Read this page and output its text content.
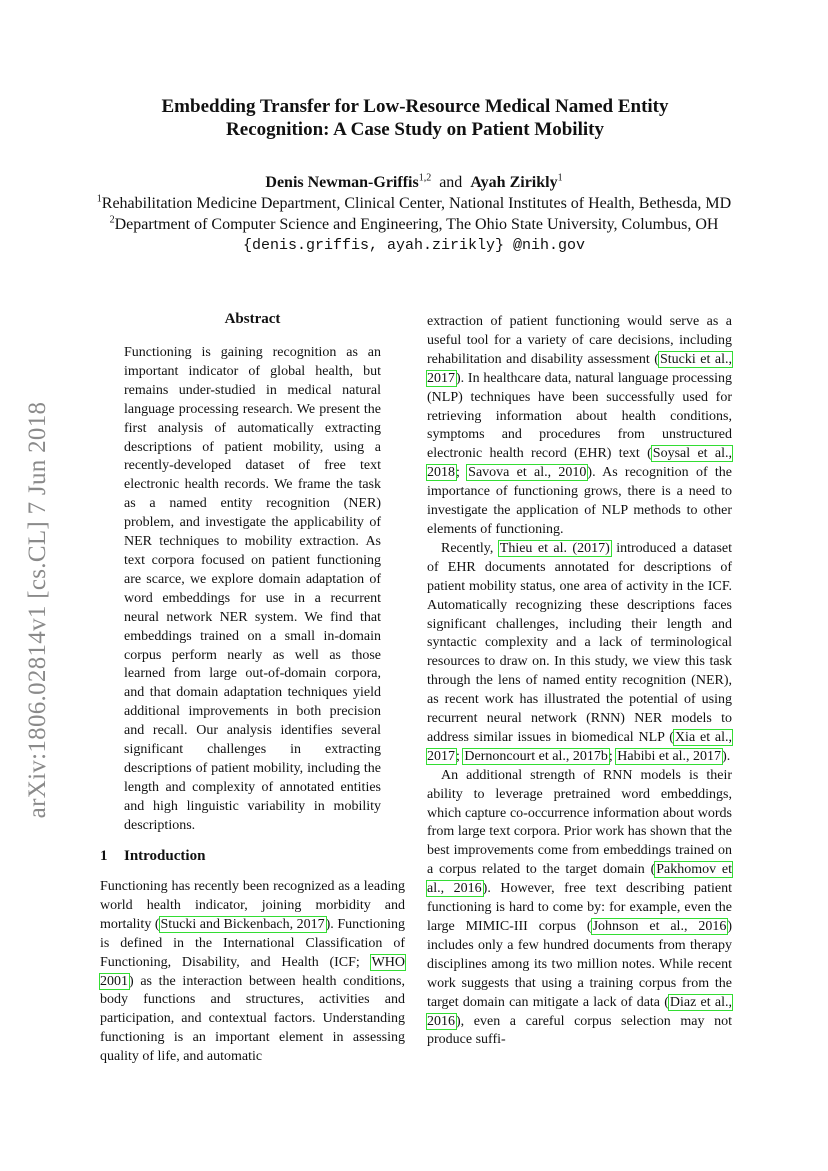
arXiv:1806.02814v1 [cs.CL] 7 Jun 2018
Embedding Transfer for Low-Resource Medical Named Entity
Recognition: A Case Study on Patient Mobility
Denis Newman-Griffis$^{1,2}$ and Ayah Zirikly$^1$
$^1$Rehabilitation Medicine Department, Clinical Center, National Institutes of Health, Bethesda, MD
$^2$Department of Computer Science and Engineering, The Ohio State University, Columbus, OH
{denis.griffis, ayah.zirikly} @nih.gov
Abstract
Functioning is gaining recognition as an important indicator of global health, but remains under-studied in medical natural language processing research. We present the first analysis of automatically extracting descriptions of patient mobility, using a recently-developed dataset of free text electronic health records. We frame the task as a named entity recognition (NER) problem, and investigate the applicability of NER techniques to mobility extraction. As text corpora focused on patient functioning are scarce, we explore domain adaptation of word embeddings for use in a recurrent neural network NER system. We find that embeddings trained on a small in-domain corpus perform nearly as well as those learned from large out-of-domain corpora, and that domain adaptation techniques yield additional improvements in both precision and recall. Our analysis identifies several significant challenges in extracting descriptions of patient mobility, including the length and complexity of annotated entities and high linguistic variability in mobility descriptions.
1 Introduction

Functioning has recently been recognized as a leading world health indicator, joining morbidity and mortality (Stucki and Bickenbach, 2017). Functioning is defined in the International Classification of Functioning, Disability, and Health (ICF; WHO 2001) as the interaction between health conditions, body functions and structures, activities and participation, and contextual factors. Understanding functioning is an important element in assessing quality of life, and automatic

extraction of patient functioning would serve as a useful tool for a variety of care decisions, including rehabilitation and disability assessment (Stucki et al., 2017). In healthcare data, natural language processing (NLP) techniques have been successfully used for retrieving information about health conditions, symptoms and procedures from unstructured electronic health record (EHR) text (Soysal et al., 2018; Savova et al., 2010). As recognition of the importance of functioning grows, there is a need to investigate the application of NLP methods to other elements of functioning.

Recently, Thieu et al. (2017) introduced a dataset of EHR documents annotated for descriptions of patient mobility status, one area of activity in the ICF. Automatically recognizing these descriptions faces significant challenges, including their length and syntactic complexity and a lack of terminological resources to draw on. In this study, we view this task through the lens of named entity recognition (NER), as recent work has illustrated the potential of using recurrent neural network (RNN) NER models to address similar issues in biomedical NLP (Xia et al., 2017; Dernoncourt et al., 2017b; Habibi et al., 2017).

An additional strength of RNN models is their ability to leverage pretrained word embeddings, which capture co-occurrence information about words from large text corpora. Prior work has shown that the best improvements come from embeddings trained on a corpus related to the target domain (Pakhomov et al., 2016). However, free text describing patient functioning is hard to come by: for example, even the large MIMIC-III corpus (Johnson et al., 2016) includes only a few hundred documents from therapy disciplines among its two million notes. While recent work suggests that using a training corpus from the target domain can mitigate a lack of data (Diaz et al., 2016), even a careful corpus selection may not produce suffi-
